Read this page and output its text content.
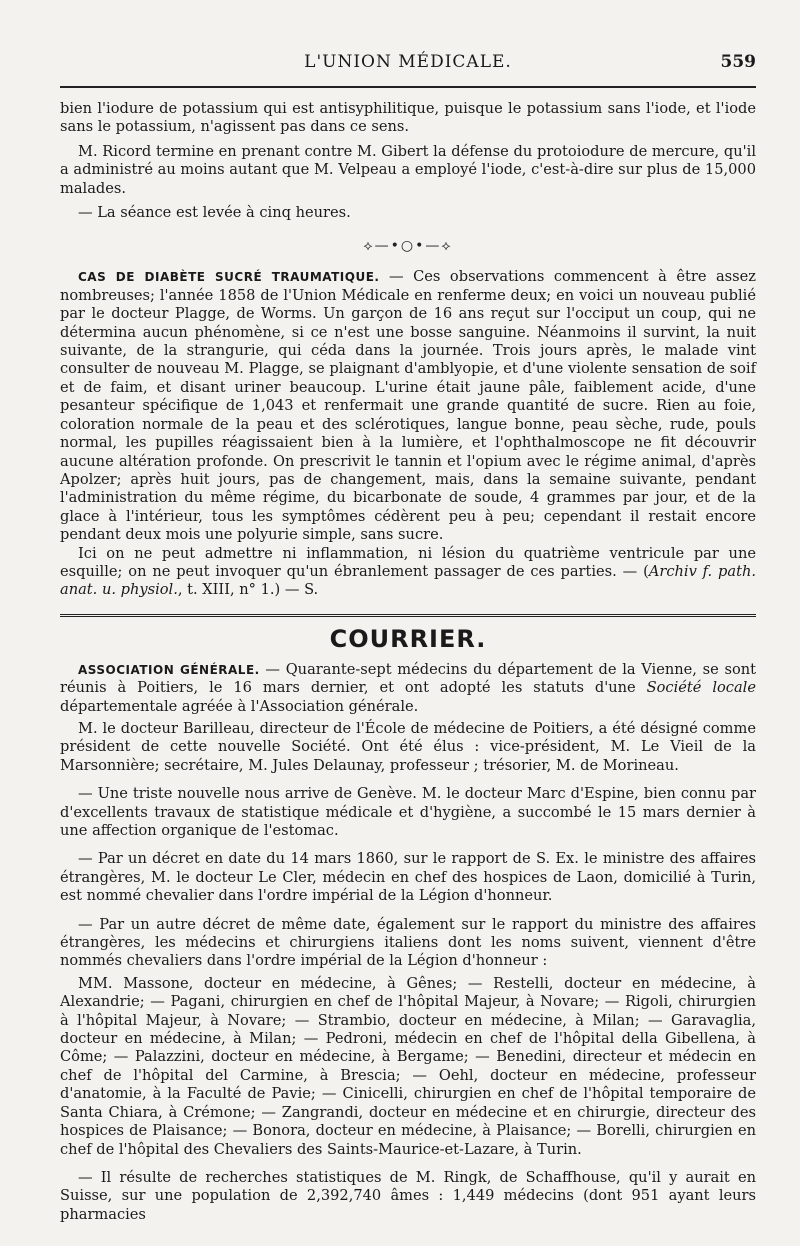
L'UNION MÉDICALE.	559

bien l'iodure de potassium qui est antisyphilitique, puisque le potassium sans l'iode, et l'iode sans le potassium, n'agissent pas dans ce sens.

M. Ricord termine en prenant contre M. Gibert la défense du protoiodure de mercure, qu'il a administré au moins autant que M. Velpeau a employé l'iode, c'est-à-dire sur plus de 15,000 malades.

— La séance est levée à cinq heures.

⟡—•○•—⟡

CAS DE DIABÈTE SUCRÉ TRAUMATIQUE. — Ces observations commencent à être assez nombreuses; l'année 1858 de l'Union Médicale en renferme deux; en voici un nouveau publié par le docteur Plagge, de Worms. Un garçon de 16 ans reçut sur l'occiput un coup, qui ne détermina aucun phénomène, si ce n'est une bosse sanguine. Néanmoins il survint, la nuit suivante, de la strangurie, qui céda dans la journée. Trois jours après, le malade vint consulter de nouveau M. Plagge, se plaignant d'amblyopie, et d'une violente sensation de soif et de faim, et disant uriner beaucoup. L'urine était jaune pâle, faiblement acide, d'une pesanteur spécifique de 1,043 et renfermait une grande quantité de sucre. Rien au foie, coloration normale de la peau et des sclérotiques, langue bonne, peau sèche, rude, pouls normal, les pupilles réagissaient bien à la lumière, et l'ophthalmoscope ne fit découvrir aucune altération profonde. On prescrivit le tannin et l'opium avec le régime animal, d'après Apolzer; après huit jours, pas de changement, mais, dans la semaine suivante, pendant l'administration du même régime, du bicarbonate de soude, 4 grammes par jour, et de la glace à l'intérieur, tous les symptômes cédèrent peu à peu; cependant il restait encore pendant deux mois une polyurie simple, sans sucre.

Ici on ne peut admettre ni inflammation, ni lésion du quatrième ventricule par une esquille; on ne peut invoquer qu'un ébranlement passager de ces parties. — (Archiv f. path. anat. u. physiol., t. XIII, n° 1.) — S.

COURRIER.

ASSOCIATION GÉNÉRALE. — Quarante-sept médecins du département de la Vienne, se sont réunis à Poitiers, le 16 mars dernier, et ont adopté les statuts d'une Société locale départementale agréée à l'Association générale.

M. le docteur Barilleau, directeur de l'École de médecine de Poitiers, a été désigné comme président de cette nouvelle Société. Ont été élus : vice-président, M. Le Vieil de la Marsonnière; secrétaire, M. Jules Delaunay, professeur ; trésorier, M. de Morineau.

— Une triste nouvelle nous arrive de Genève. M. le docteur Marc d'Espine, bien connu par d'excellents travaux de statistique médicale et d'hygiène, a succombé le 15 mars dernier à une affection organique de l'estomac.

— Par un décret en date du 14 mars 1860, sur le rapport de S. Ex. le ministre des affaires étrangères, M. le docteur Le Cler, médecin en chef des hospices de Laon, domicilié à Turin, est nommé chevalier dans l'ordre impérial de la Légion d'honneur.

— Par un autre décret de même date, également sur le rapport du ministre des affaires étrangères, les médecins et chirurgiens italiens dont les noms suivent, viennent d'être nommés chevaliers dans l'ordre impérial de la Légion d'honneur :

MM. Massone, docteur en médecine, à Gênes; — Restelli, docteur en médecine, à Alexandrie; — Pagani, chirurgien en chef de l'hôpital Majeur, à Novare; — Rigoli, chirurgien à l'hôpital Majeur, à Novare; — Strambio, docteur en médecine, à Milan; — Garavaglia, docteur en médecine, à Milan; — Pedroni, médecin en chef de l'hôpital della Gibellena, à Côme; — Palazzini, docteur en médecine, à Bergame; — Benedini, directeur et médecin en chef de l'hôpital del Carmine, à Brescia; — Oehl, docteur en médecine, professeur d'anatomie, à la Faculté de Pavie; — Cinicelli, chirurgien en chef de l'hôpital temporaire de Santa Chiara, à Crémone; — Zangrandi, docteur en médecine et en chirurgie, directeur des hospices de Plaisance; — Bonora, docteur en médecine, à Plaisance; — Borelli, chirurgien en chef de l'hôpital des Chevaliers des Saints-Maurice-et-Lazare, à Turin.

— Il résulte de recherches statistiques de M. Ringk, de Schaffhouse, qu'il y aurait en Suisse, sur une population de 2,392,740 âmes : 1,449 médecins (dont 951 ayant leurs pharmacies
